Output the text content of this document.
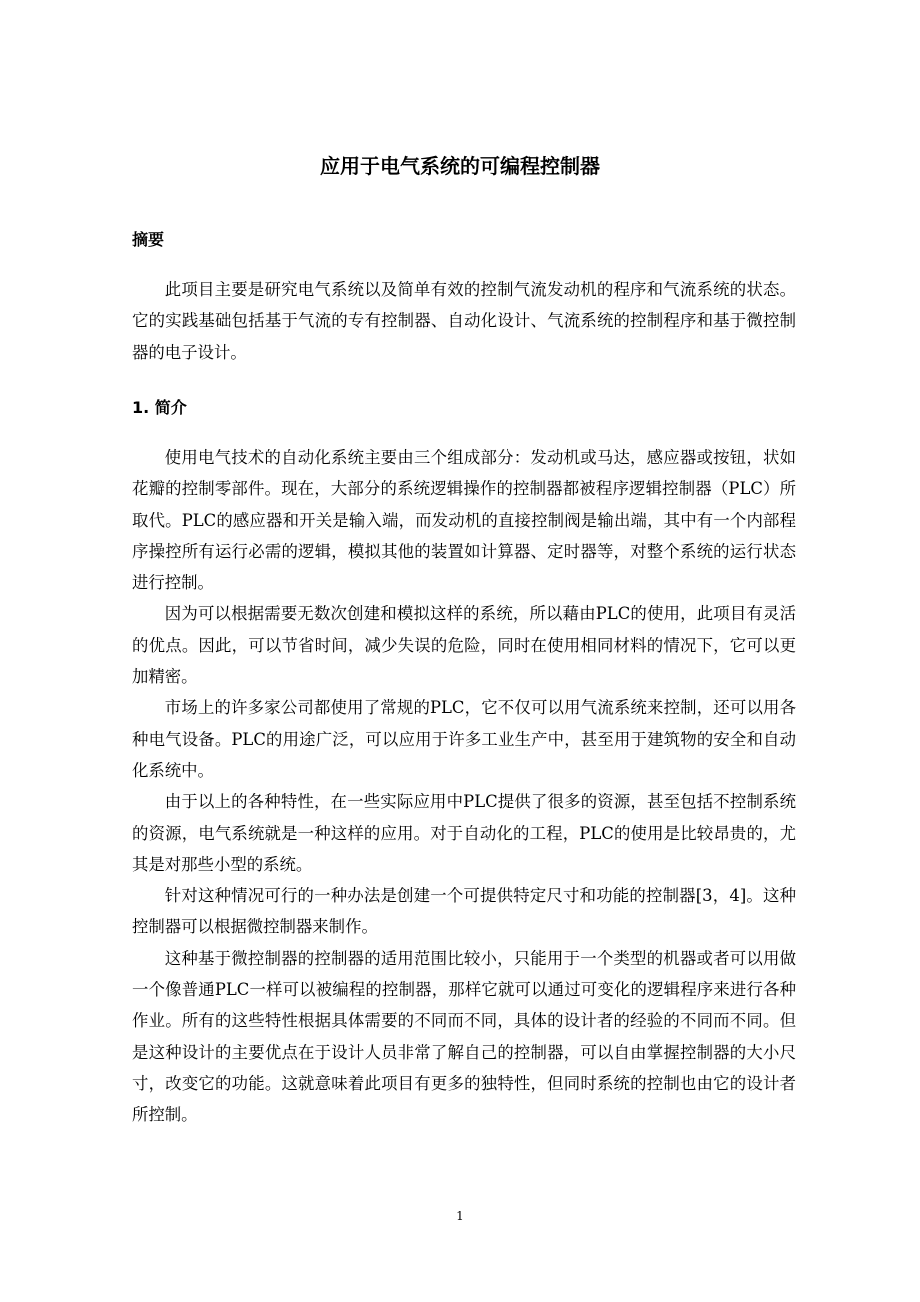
应用于电气系统的可编程控制器
摘要

此项目主要是研究电气系统以及简单有效的控制气流发动机的程序和气流系统的状态。它的实践基础包括基于气流的专有控制器、自动化设计、气流系统的控制程序和基于微控制器的电子设计。

1. 简介

使用电气技术的自动化系统主要由三个组成部分：发动机或马达，感应器或按钮，状如花瓣的控制零部件。现在，大部分的系统逻辑操作的控制器都被程序逻辑控制器（PLC）所取代。PLC的感应器和开关是输入端，而发动机的直接控制阀是输出端，其中有一个内部程序操控所有运行必需的逻辑，模拟其他的装置如计算器、定时器等，对整个系统的运行状态进行控制。

因为可以根据需要无数次创建和模拟这样的系统，所以藉由PLC的使用，此项目有灵活的优点。因此，可以节省时间，减少失误的危险，同时在使用相同材料的情况下，它可以更加精密。

市场上的许多家公司都使用了常规的PLC，它不仅可以用气流系统来控制，还可以用各种电气设备。PLC的用途广泛，可以应用于许多工业生产中，甚至用于建筑物的安全和自动化系统中。

由于以上的各种特性，在一些实际应用中PLC提供了很多的资源，甚至包括不控制系统的资源，电气系统就是一种这样的应用。对于自动化的工程，PLC的使用是比较昂贵的，尤其是对那些小型的系统。

针对这种情况可行的一种办法是创建一个可提供特定尺寸和功能的控制器[3，4]。这种控制器可以根据微控制器来制作。

这种基于微控制器的控制器的适用范围比较小，只能用于一个类型的机器或者可以用做一个像普通PLC一样可以被编程的控制器，那样它就可以通过可变化的逻辑程序来进行各种作业。所有的这些特性根据具体需要的不同而不同，具体的设计者的经验的不同而不同。但是这种设计的主要优点在于设计人员非常了解自己的控制器，可以自由掌握控制器的大小尺寸，改变它的功能。这就意味着此项目有更多的独特性，但同时系统的控制也由它的设计者所控制。

1
